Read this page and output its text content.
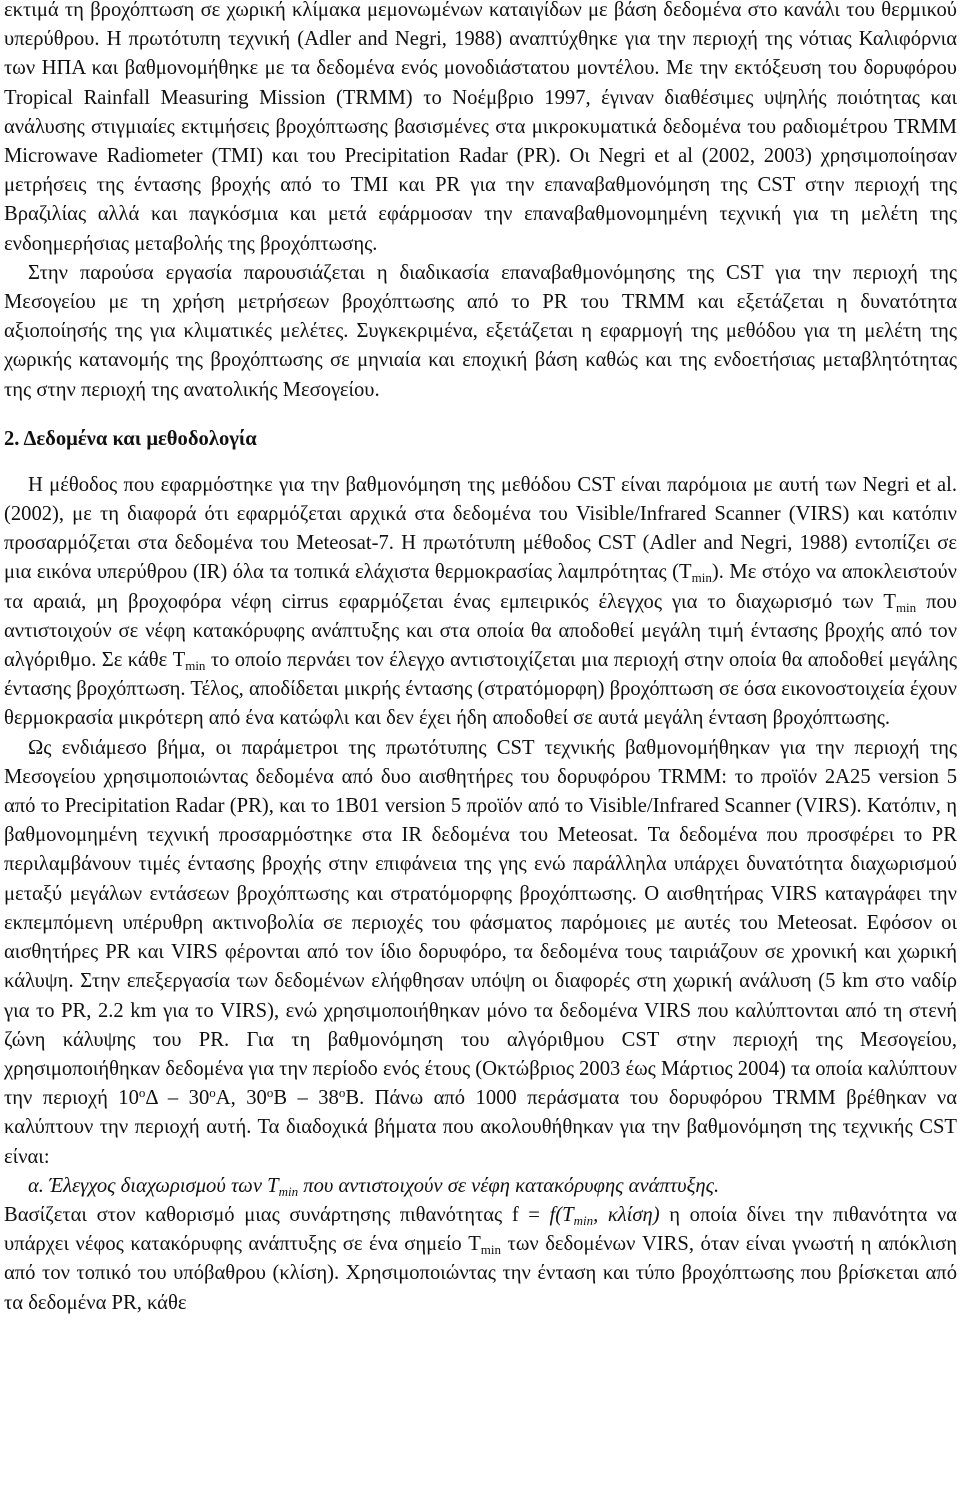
εκτιμά τη βροχόπτωση σε χωρική κλίμακα μεμονωμένων καταιγίδων με βάση δεδομένα στο κανάλι του θερμικού υπερύθρου. Η πρωτότυπη τεχνική (Adler and Negri, 1988) αναπτύχθηκε για την περιοχή της νότιας Καλιφόρνια των ΗΠΑ και βαθμονομήθηκε με τα δεδομένα ενός μονοδιάστατου μοντέλου. Με την εκτόξευση του δορυφόρου Tropical Rainfall Measuring Mission (TRMM) το Νοέμβριο 1997, έγιναν διαθέσιμες υψηλής ποιότητας και ανάλυσης στιγμιαίες εκτιμήσεις βροχόπτωσης βασισμένες στα μικροκυματικά δεδομένα του ραδιομέτρου TRMM Microwave Radiometer (TMI) και του Precipitation Radar (PR). Οι Negri et al (2002, 2003) χρησιμοποίησαν μετρήσεις της έντασης βροχής από το TMI και PR για την επαναβαθμονόμηση της CST στην περιοχή της Βραζιλίας αλλά και παγκόσμια και μετά εφάρμοσαν την επαναβαθμονομημένη τεχνική για τη μελέτη της ενδοημερήσιας μεταβολής της βροχόπτωσης.

Στην παρούσα εργασία παρουσιάζεται η διαδικασία επαναβαθμονόμησης της CST για την περιοχή της Μεσογείου με τη χρήση μετρήσεων βροχόπτωσης από το PR του TRMM και εξετάζεται η δυνατότητα αξιοποίησής της για κλιματικές μελέτες. Συγκεκριμένα, εξετάζεται η εφαρμογή της μεθόδου για τη μελέτη της χωρικής κατανομής της βροχόπτωσης σε μηνιαία και εποχική βάση καθώς και της ενδοετήσιας μεταβλητότητας της στην περιοχή της ανατολικής Μεσογείου.

2. Δεδομένα και μεθοδολογία

Η μέθοδος που εφαρμόστηκε για την βαθμονόμηση της μεθόδου CST είναι παρόμοια με αυτή των Negri et al. (2002), με τη διαφορά ότι εφαρμόζεται αρχικά στα δεδομένα του Visible/Infrared Scanner (VIRS) και κατόπιν προσαρμόζεται στα δεδομένα του Meteosat-7. Η πρωτότυπη μέθοδος CST (Adler and Negri, 1988) εντοπίζει σε μια εικόνα υπερύθρου (IR) όλα τα τοπικά ελάχιστα θερμοκρασίας λαμπρότητας $(T_{min})$. Με στόχο να αποκλειστούν τα αραιά, μη βροχοφόρα νέφη cirrus εφαρμόζεται ένας εμπειρικός έλεγχος για το διαχωρισμό των $T_{min}$ που αντιστοιχούν σε νέφη κατακόρυφης ανάπτυξης και στα οποία θα αποδοθεί μεγάλη τιμή έντασης βροχής από τον αλγόριθμο. Σε κάθε $T_{min}$ το οποίο περνάει τον έλεγχο αντιστοιχίζεται μια περιοχή στην οποία θα αποδοθεί μεγάλης έντασης βροχόπτωση. Τέλος, αποδίδεται μικρής έντασης (στρατόμορφη) βροχόπτωση σε όσα εικονοστοιχεία έχουν θερμοκρασία μικρότερη από ένα κατώφλι και δεν έχει ήδη αποδοθεί σε αυτά μεγάλη ένταση βροχόπτωσης.

Ως ενδιάμεσο βήμα, οι παράμετροι της πρωτότυπης CST τεχνικής βαθμονομήθηκαν για την περιοχή της Μεσογείου χρησιμοποιώντας δεδομένα από δυο αισθητήρες του δορυφόρου TRMM: το προϊόν 2A25 version 5 από το Precipitation Radar (PR), και το 1B01 version 5 προϊόν από το Visible/Infrared Scanner (VIRS). Κατόπιν, η βαθμονομημένη τεχνική προσαρμόστηκε στα IR δεδομένα του Meteosat. Τα δεδομένα που προσφέρει το PR περιλαμβάνουν τιμές έντασης βροχής στην επιφάνεια της γης ενώ παράλληλα υπάρχει δυνατότητα διαχωρισμού μεταξύ μεγάλων εντάσεων βροχόπτωσης και στρατόμορφης βροχόπτωσης. Ο αισθητήρας VIRS καταγράφει την εκπεμπόμενη υπέρυθρη ακτινοβολία σε περιοχές του φάσματος παρόμοιες με αυτές του Meteosat. Εφόσον οι αισθητήρες PR και VIRS φέρονται από τον ίδιο δορυφόρο, τα δεδομένα τους ταιριάζουν σε χρονική και χωρική κάλυψη. Στην επεξεργασία των δεδομένων ελήφθησαν υπόψη οι διαφορές στη χωρική ανάλυση (5 km στο ναδίρ για το PR, 2.2 km για το VIRS), ενώ χρησιμοποιήθηκαν μόνο τα δεδομένα VIRS που καλύπτονται από τη στενή ζώνη κάλυψης του PR. Για τη βαθμονόμηση του αλγόριθμου CST στην περιοχή της Μεσογείου, χρησιμοποιήθηκαν δεδομένα για την περίοδο ενός έτους (Οκτώβριος 2003 έως Μάρτιος 2004) τα οποία καλύπτουν την περιοχή 10$^o$Δ – 30$^o$Α, 30$^o$Β – 38$^o$Β. Πάνω από 1000 περάσματα του δορυφόρου TRMM βρέθηκαν να καλύπτουν την περιοχή αυτή. Τα διαδοχικά βήματα που ακολουθήθηκαν για την βαθμονόμηση της τεχνικής CST είναι:

α. Έλεγχος διαχωρισμού των $T_{min}$ που αντιστοιχούν σε νέφη κατακόρυφης ανάπτυξης.

Βασίζεται στον καθορισμό μιας συνάρτησης πιθανότητας $f = f(T_{min}$, κλίση) η οποία δίνει την πιθανότητα να υπάρχει νέφος κατακόρυφης ανάπτυξης σε ένα σημείο $T_{min}$ των δεδομένων VIRS, όταν είναι γνωστή η απόκλιση από τον τοπικό του υπόβαθρου (κλίση). Χρησιμοποιώντας την ένταση και τύπο βροχόπτωσης που βρίσκεται από τα δεδομένα PR, κάθε
